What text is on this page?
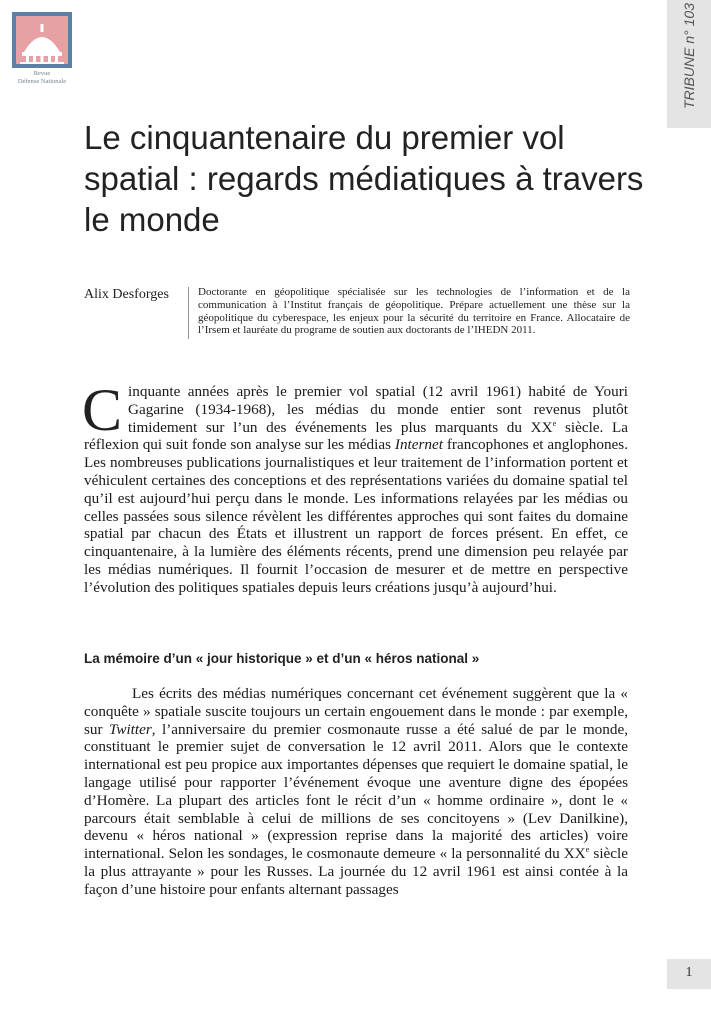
Revue
Défense Nationale	TRIBUNE n° 103
Le cinquantenaire du premier vol spatial : regards médiatiques à travers le monde
Alix Desforges	Doctorante en géopolitique spécialisée sur les technologies de l’information et de la communication à l’Institut français de géopolitique. Prépare actuellement une thèse sur la géopolitique du cyberespace, les enjeux pour la sécurité du territoire en France. Allocataire de l’Irsem et lauréate du programe de soutien aux doctorants de l’IHEDN 2011.

Cinquante années après le premier vol spatial (12 avril 1961) habité de Youri Gagarine (1934-1968), les médias du monde entier sont revenus plutôt timidement sur l’un des événements les plus marquants du XXe siècle. La réflexion qui suit fonde son analyse sur les médias Internet francophones et anglophones. Les nombreuses publications journalistiques et leur traitement de l’information portent et véhiculent certaines des conceptions et des représentations variées du domaine spatial tel qu’il est aujourd’hui perçu dans le monde. Les informations relayées par les médias ou celles passées sous silence révèlent les différentes approches qui sont faites du domaine spatial par chacun des États et illustrent un rapport de forces présent. En effet, ce cinquantenaire, à la lumière des éléments récents, prend une dimension peu relayée par les médias numériques. Il fournit l’occasion de mesurer et de mettre en perspective l’évolution des politiques spatiales depuis leurs créations jusqu’à aujourd’hui.

La mémoire d’un « jour historique » et d’un « héros national »

Les écrits des médias numériques concernant cet événement suggèrent que la « conquête » spatiale suscite toujours un certain engouement dans le monde : par exemple, sur Twitter, l’anniversaire du premier cosmonaute russe a été salué de par le monde, constituant le premier sujet de conversation le 12 avril 2011. Alors que le contexte international est peu propice aux importantes dépenses que requiert le domaine spatial, le langage utilisé pour rapporter l’événement évoque une aventure digne des épopées d’Homère. La plupart des articles font le récit d’un « homme ordinaire », dont le « parcours était semblable à celui de millions de ses concitoyens » (Lev Danilkine), devenu « héros national » (expression reprise dans la majorité des articles) voire international. Selon les sondages, le cosmonaute demeure « la personnalité du XXe siècle la plus attrayante » pour les Russes. La journée du 12 avril 1961 est ainsi contée à la façon d’une histoire pour enfants alternant passages

1
